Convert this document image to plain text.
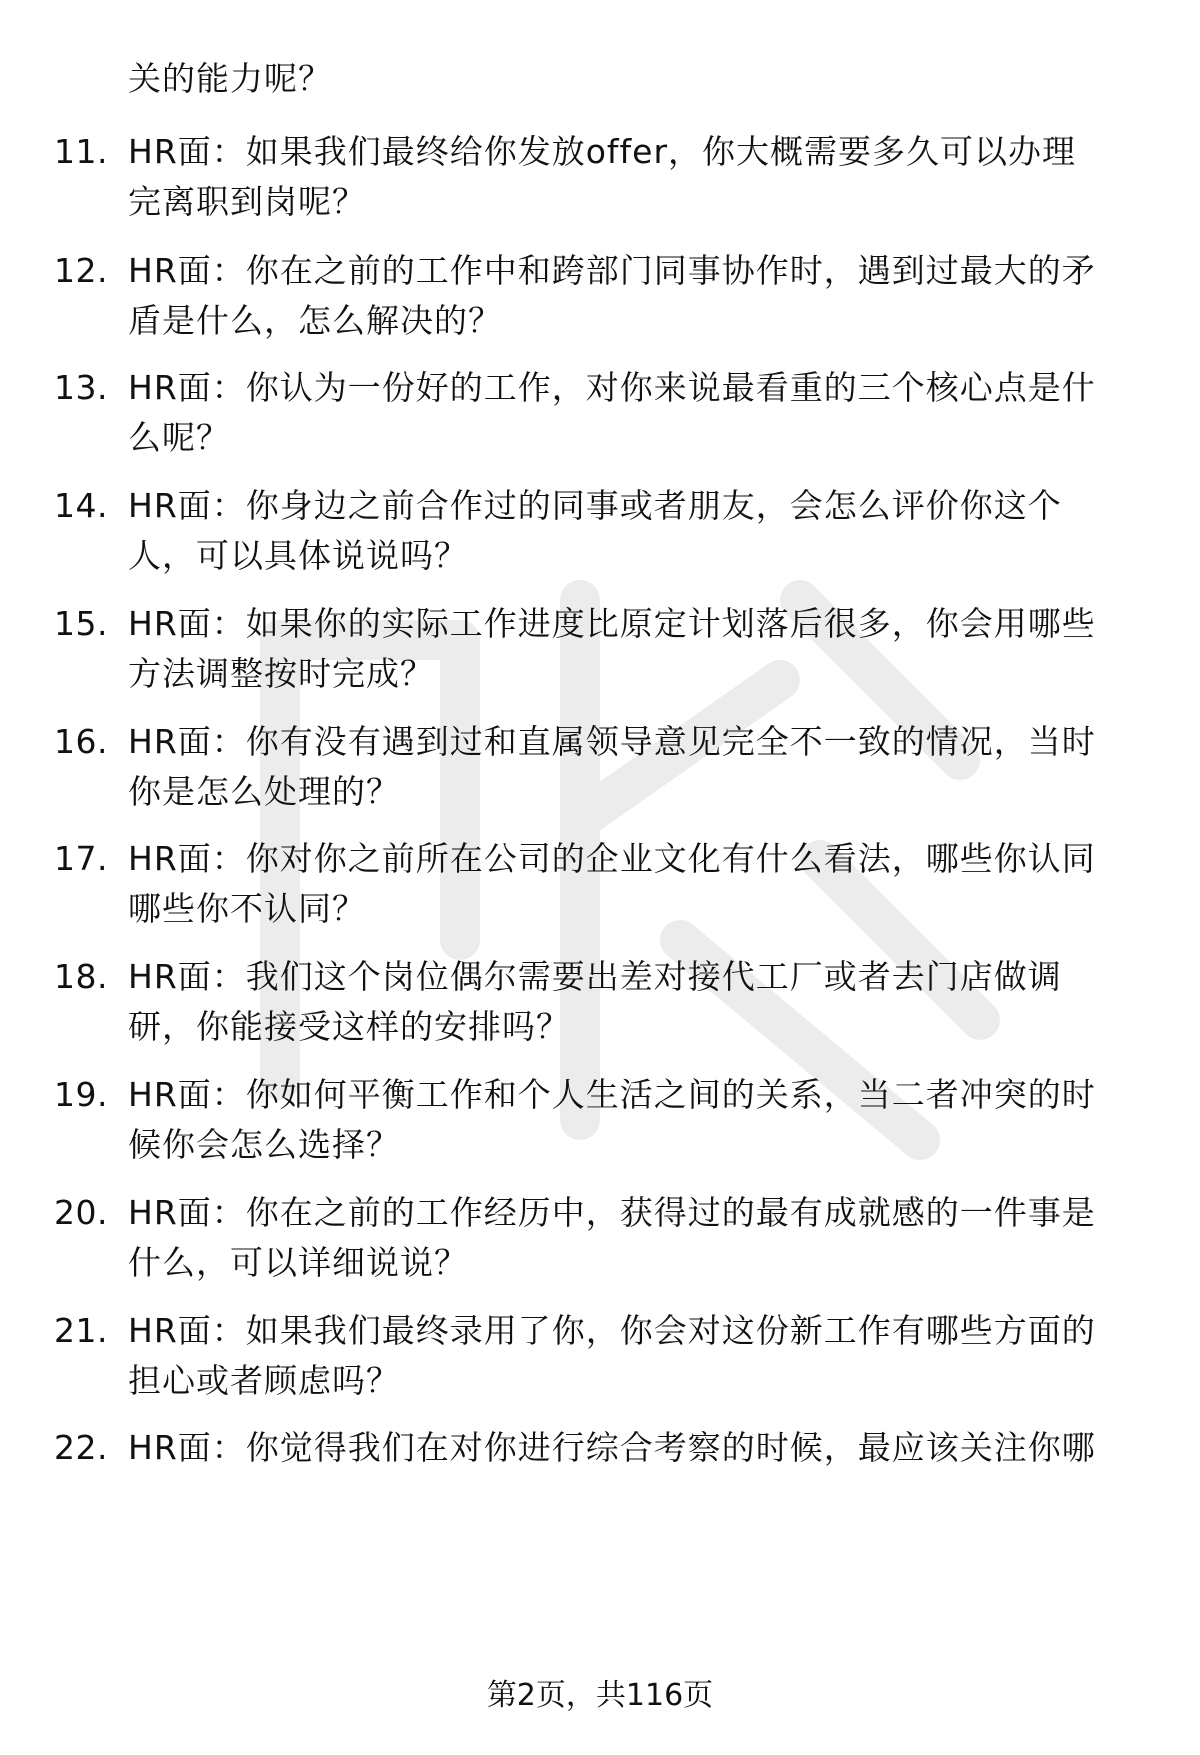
关的能力呢？
11. HR面：如果我们最终给你发放offer，你大概需要多久可以办理
完离职到岗呢？
12. HR面：你在之前的工作中和跨部门同事协作时，遇到过最大的矛
盾是什么，怎么解决的？
13. HR面：你认为一份好的工作，对你来说最看重的三个核心点是什
么呢？
14. HR面：你身边之前合作过的同事或者朋友，会怎么评价你这个
人，可以具体说说吗？
15. HR面：如果你的实际工作进度比原定计划落后很多，你会用哪些
方法调整按时完成？
16. HR面：你有没有遇到过和直属领导意见完全不一致的情况，当时
你是怎么处理的？
17. HR面：你对你之前所在公司的企业文化有什么看法，哪些你认同
哪些你不认同？
18. HR面：我们这个岗位偶尔需要出差对接代工厂或者去门店做调
研，你能接受这样的安排吗？
19. HR面：你如何平衡工作和个人生活之间的关系，当二者冲突的时
候你会怎么选择？
20. HR面：你在之前的工作经历中，获得过的最有成就感的一件事是
什么，可以详细说说？
21. HR面：如果我们最终录用了你，你会对这份新工作有哪些方面的
担心或者顾虑吗？
22. HR面：你觉得我们在对你进行综合考察的时候，最应该关注你哪
第2页，共116页
